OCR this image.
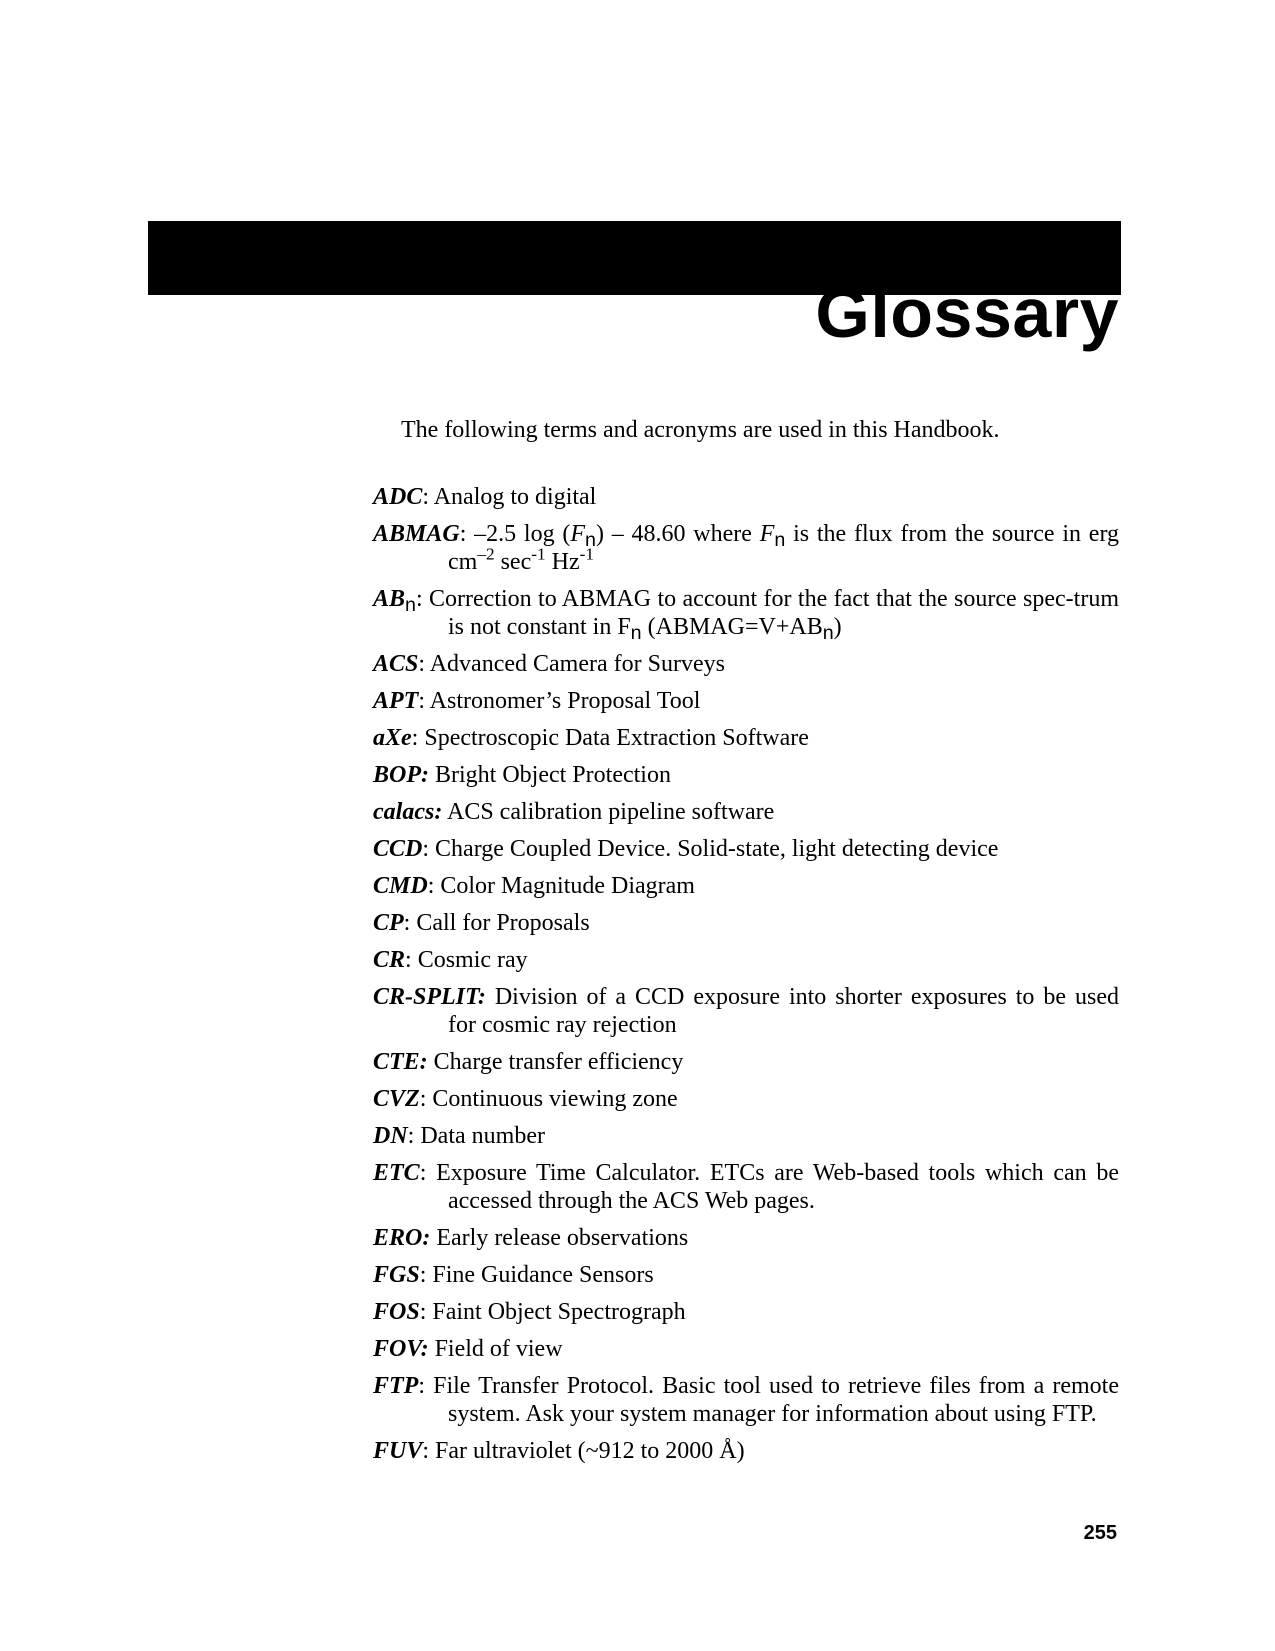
Glossary
The following terms and acronyms are used in this Handbook.

ADC: Analog to digital

ABMAG: –2.5 $\log (F_n) - 48.60$ where $F_n$ is the flux from the source in erg $cm^{-2}$ $\sec^{-1} Hz^{-1}$

$AB_n$: Correction to ABMAG to account for the fact that the source spec-trum is not constant in $F_n$ $(ABMAG=V+AB_n)$

ACS: Advanced Camera for Surveys

APT: Astronomer’s Proposal Tool

aXe: Spectroscopic Data Extraction Software

BOP: Bright Object Protection

calacs: ACS calibration pipeline software

CCD: Charge Coupled Device. Solid-state, light detecting device

CMD: Color Magnitude Diagram

CP: Call for Proposals

CR: Cosmic ray

CR-SPLIT: Division of a CCD exposure into shorter exposures to be used for cosmic ray rejection

CTE: Charge transfer efficiency

CVZ: Continuous viewing zone

DN: Data number

ETC: Exposure Time Calculator. ETCs are Web-based tools which can be accessed through the ACS Web pages.

ERO: Early release observations

FGS: Fine Guidance Sensors

FOS: Faint Object Spectrograph

FOV: Field of view

FTP: File Transfer Protocol. Basic tool used to retrieve files from a remote system. Ask your system manager for information about using FTP.

FUV: Far ultraviolet (~912 to 2000 Å)

255
